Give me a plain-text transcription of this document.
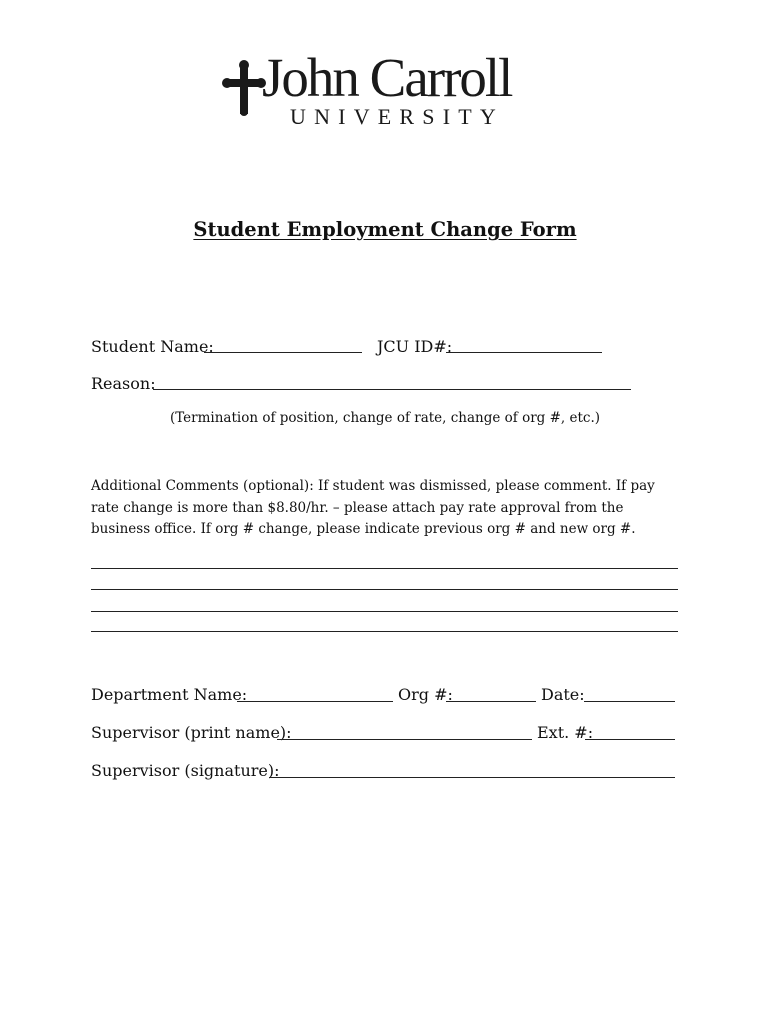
John Carroll
UNIVERSITY
Student Employment Change Form
Student Name:	JCU ID#:
Reason:
(Termination of position, change of rate, change of org #, etc.)
Additional Comments (optional): If student was dismissed, please comment. If pay rate change is more than $8.80/hr. – please attach pay rate approval from the business office. If org # change, please indicate previous org # and new org #.
Department Name:	Org #:	Date:
Supervisor (print name):	Ext. #:
Supervisor (signature):
